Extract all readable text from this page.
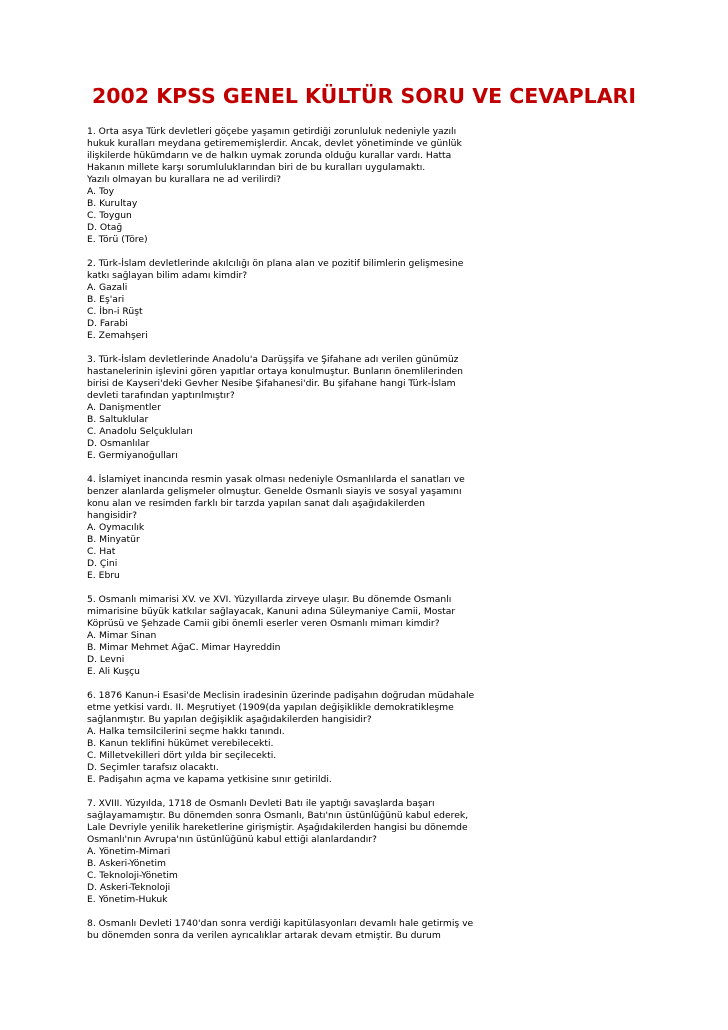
2002 KPSS GENEL KÜLTÜR SORU VE CEVAPLARI
1. Orta asya Türk devletleri göçebe yaşamın getirdiği zorunluluk nedeniyle yazılı
hukuk kuralları meydana getirememişlerdir. Ancak, devlet yönetiminde ve günlük
ilişkilerde hükümdarın ve de halkın uymak zorunda olduğu kurallar vardı. Hatta
Hakanın millete karşı sorumluluklarından biri de bu kuralları uygulamaktı.
Yazılı olmayan bu kurallara ne ad verilirdi?
A. Toy
B. Kurultay
C. Toygun
D. Otağ
E. Törü (Töre)
2. Türk-İslam devletlerinde akılcılığı ön plana alan ve pozitif bilimlerin gelişmesine
katkı sağlayan bilim adamı kimdir?
A. Gazali
B. Eş'ari
C. İbn-i Rüşt
D. Farabi
E. Zemahşeri
3. Türk-İslam devletlerinde Anadolu'a Darüşşifa ve Şifahane adı verilen günümüz
hastanelerinin işlevini gören yapıtlar ortaya konulmuştur. Bunların önemlilerinden
birisi de Kayseri'deki Gevher Nesibe Şifahanesi'dir. Bu şifahane hangi Türk-İslam
devleti tarafından yaptırılmıştır?
A. Danişmentler
B. Saltuklular
C. Anadolu Selçukluları
D. Osmanlılar
E. Germiyanoğulları
4. İslamiyet inancında resmin yasak olması nedeniyle Osmanlılarda el sanatları ve
benzer alanlarda gelişmeler olmuştur. Genelde Osmanlı siayis ve sosyal yaşamını
konu alan ve resimden farklı bir tarzda yapılan sanat dalı aşağıdakilerden
hangisidir?
A. Oymacılık
B. Minyatür
C. Hat
D. Çini
E. Ebru
5. Osmanlı mimarisi XV. ve XVI. Yüzyıllarda zirveye ulaşır. Bu dönemde Osmanlı
mimarisine büyük katkılar sağlayacak, Kanuni adına Süleymaniye Camii, Mostar
Köprüsü ve Şehzade Camii gibi önemli eserler veren Osmanlı mimarı kimdir?
A. Mimar Sinan
B. Mimar Mehmet AğaC. Mimar Hayreddin
D. Levni
E. Ali Kuşçu
6. 1876 Kanun-i Esasi'de Meclisin iradesinin üzerinde padişahın doğrudan müdahale
etme yetkisi vardı. II. Meşrutiyet (1909(da yapılan değişiklikle demokratikleşme
sağlanmıştır. Bu yapılan değişiklik aşağıdakilerden hangisidir?
A. Halka temsilcilerini seçme hakkı tanındı.
B. Kanun teklifini hükümet verebilecekti.
C. Milletvekilleri dört yılda bir seçilecekti.
D. Seçimler tarafsız olacaktı.
E. Padişahın açma ve kapama yetkisine sınır getirildi.
7. XVIII. Yüzyılda, 1718 de Osmanlı Devleti Batı ile yaptığı savaşlarda başarı
sağlayamamıştır. Bu dönemden sonra Osmanlı, Batı'nın üstünlüğünü kabul ederek,
Lale Devriyle yenilik hareketlerine girişmiştir. Aşağıdakilerden hangisi bu dönemde
Osmanlı'nın Avrupa'nın üstünlüğünü kabul ettiği alanlardandır?
A. Yönetim-Mimari
B. Askeri-Yönetim
C. Teknoloji-Yönetim
D. Askeri-Teknoloji
E. Yönetim-Hukuk
8. Osmanlı Devleti 1740'dan sonra verdiği kapitülasyonları devamlı hale getirmiş ve
bu dönemden sonra da verilen ayrıcalıklar artarak devam etmiştir. Bu durum
